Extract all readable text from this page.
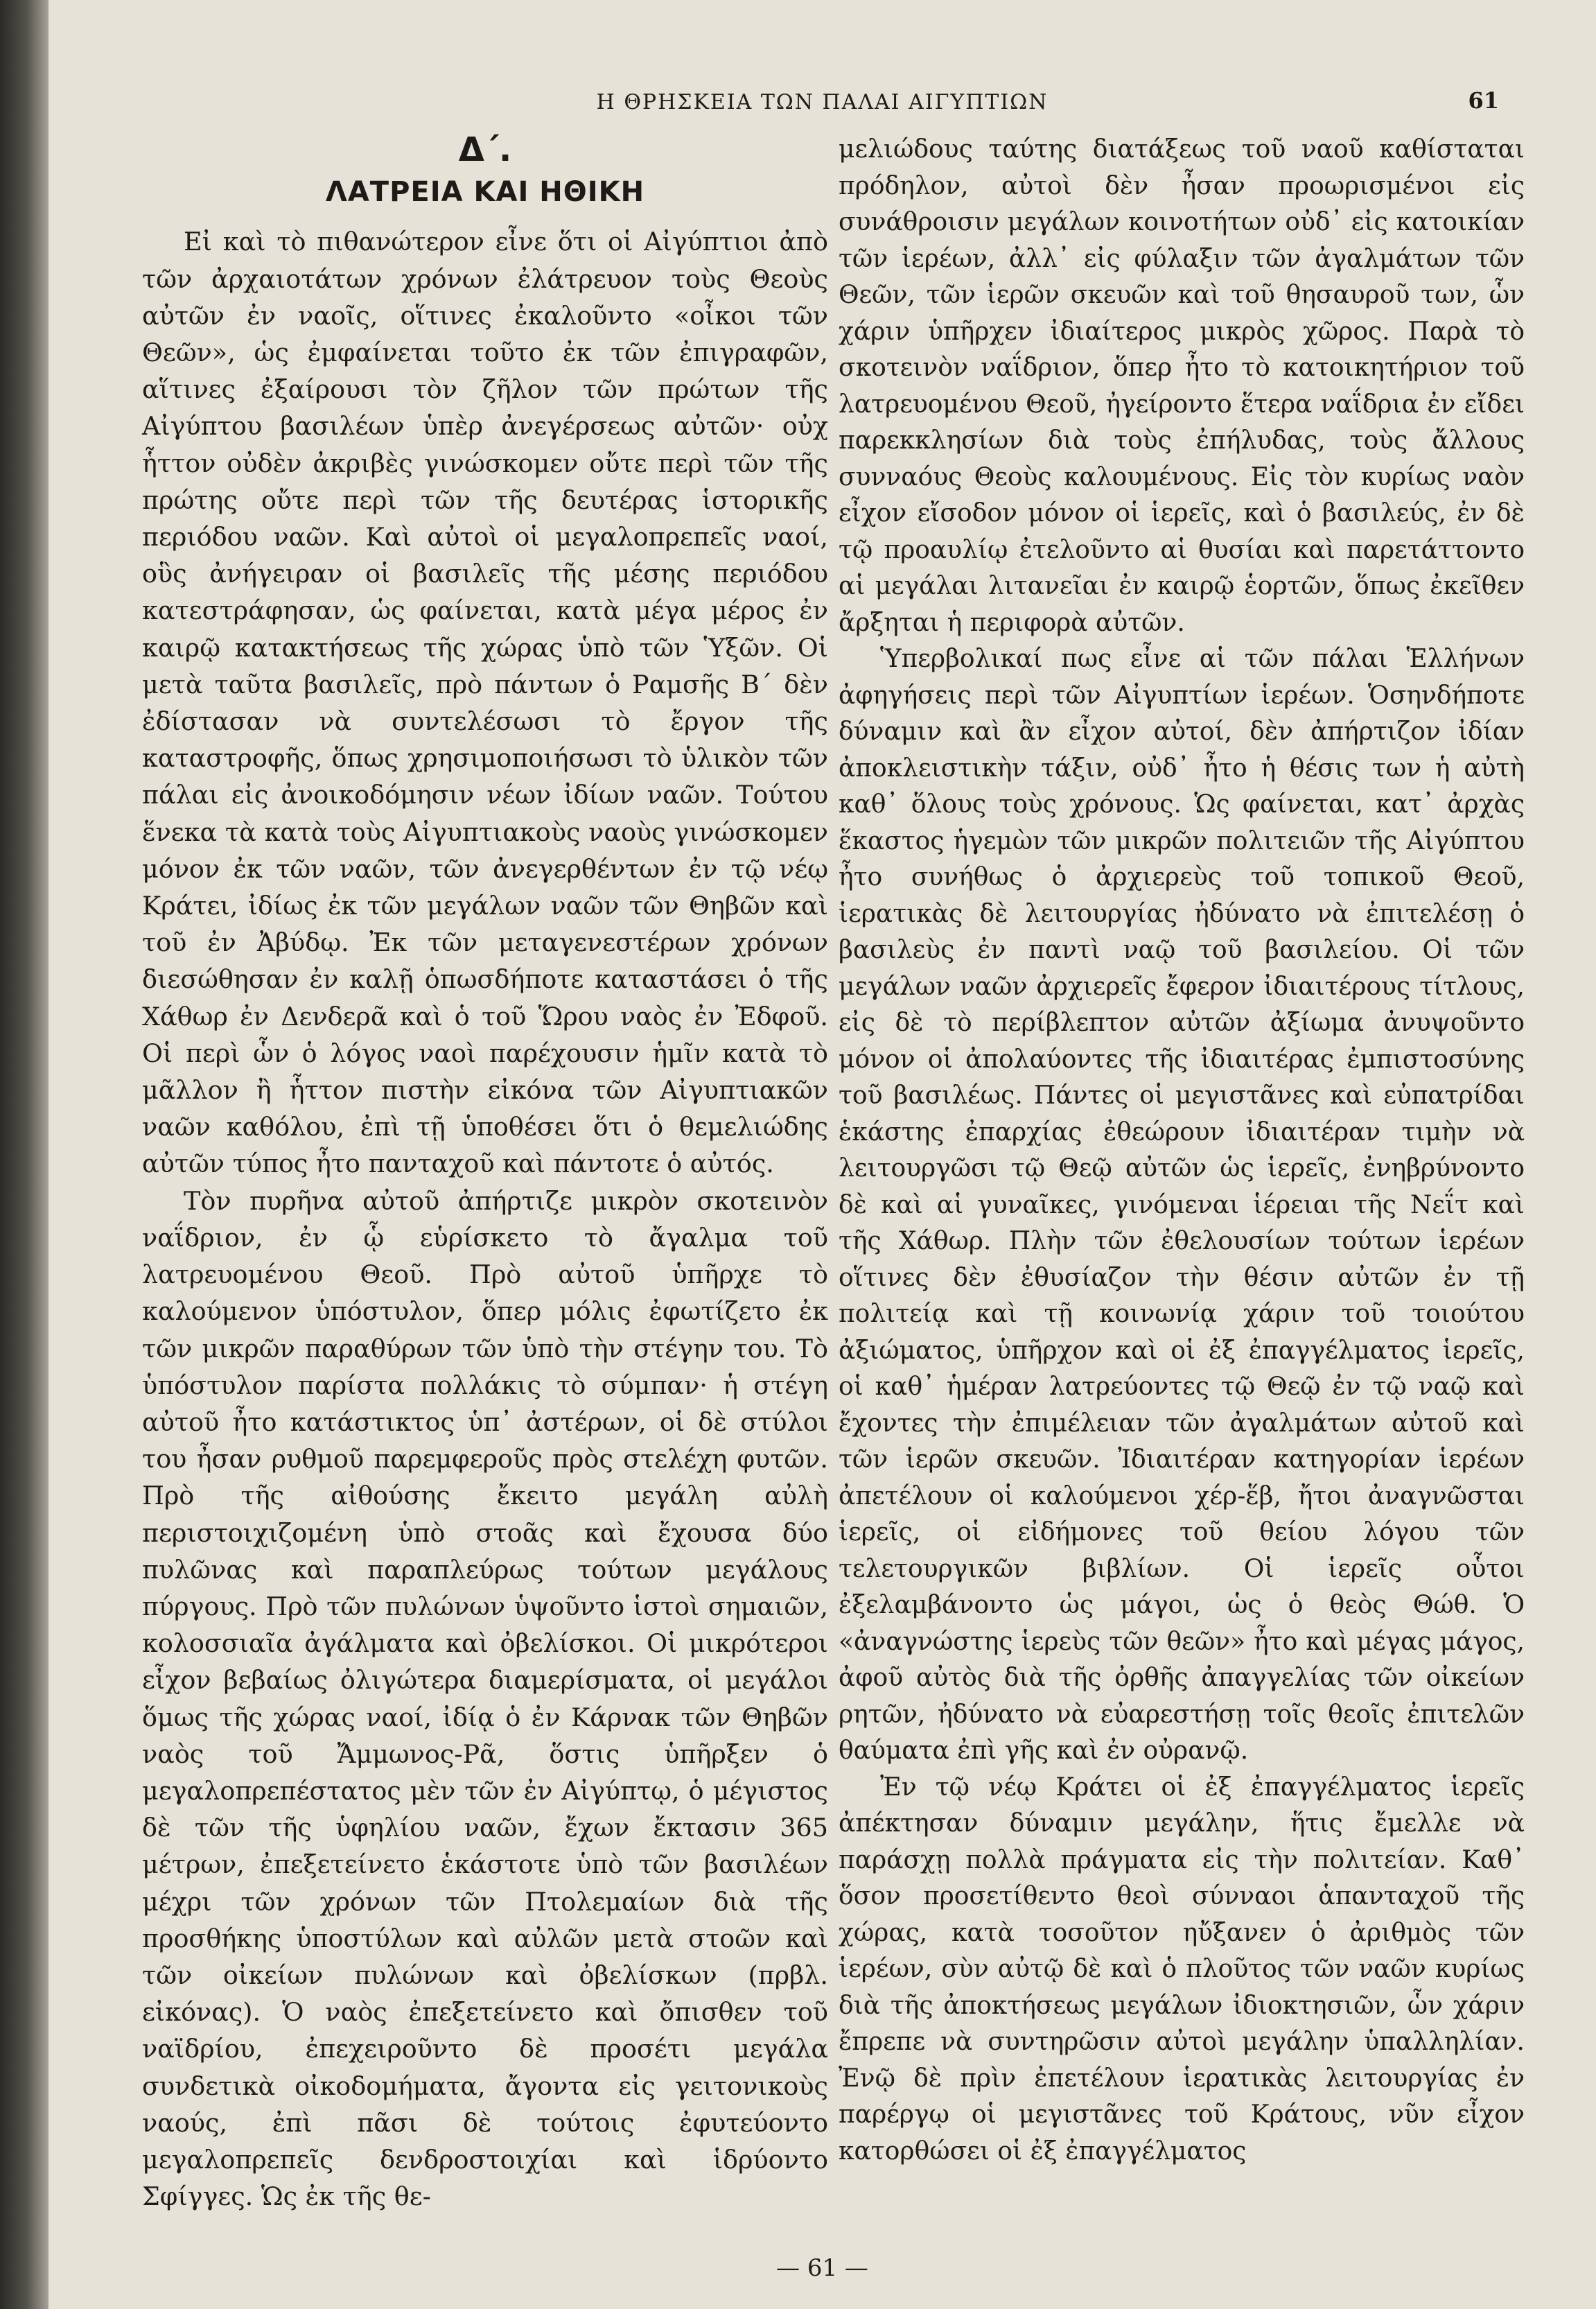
Η ΘΡΗΣΚΕΙΑ ΤΩΝ ΠΑΛΑΙ ΑΙΓΥΠΤΙΩΝ	61
Δ΄.
ΛΑΤΡΕΙΑ ΚΑΙ ΗΘΙΚΗ

Εἰ καὶ τὸ πιθανώτερον εἶνε ὅτι οἱ Αἰγύπτιοι ἀπὸ τῶν ἀρχαιοτάτων χρόνων ἐλάτρευον τοὺς Θεοὺς αὐτῶν ἐν ναοῖς, οἵτινες ἐκαλοῦντο «οἶκοι τῶν Θεῶν», ὡς ἐμφαίνεται τοῦτο ἐκ τῶν ἐπιγραφῶν, αἵτινες ἐξαίρουσι τὸν ζῆλον τῶν πρώτων τῆς Αἰγύπτου βασιλέων ὑπὲρ ἀνεγέρσεως αὐτῶν· οὐχ ἧττον οὐδὲν ἀκριβὲς γινώσκομεν οὔτε περὶ τῶν τῆς πρώτης οὔτε περὶ τῶν τῆς δευτέρας ἱστορικῆς περιόδου ναῶν. Καὶ αὐτοὶ οἱ μεγαλοπρεπεῖς ναοί, οὓς ἀνήγειραν οἱ βασιλεῖς τῆς μέσης περιόδου κατεστράφησαν, ὡς φαίνεται, κατὰ μέγα μέρος ἐν καιρῷ κατακτήσεως τῆς χώρας ὑπὸ τῶν Ὑξῶν. Οἱ μετὰ ταῦτα βασιλεῖς, πρὸ πάντων ὁ Ραμσῆς Β΄ δὲν ἐδίστασαν νὰ συντελέσωσι τὸ ἔργον τῆς καταστροφῆς, ὅπως χρησιμοποιήσωσι τὸ ὑλικὸν τῶν πάλαι εἰς ἀνοικοδόμησιν νέων ἰδίων ναῶν. Τούτου ἕνεκα τὰ κατὰ τοὺς Αἰγυπτιακοὺς ναοὺς γινώσκομεν μόνον ἐκ τῶν ναῶν, τῶν ἀνεγερθέντων ἐν τῷ νέῳ Κράτει, ἰδίως ἐκ τῶν μεγάλων ναῶν τῶν Θηβῶν καὶ τοῦ ἐν Ἀβύδῳ. Ἐκ τῶν μεταγενεστέρων χρόνων διεσώθησαν ἐν καλῇ ὁπωσδήποτε καταστάσει ὁ τῆς Χάθωρ ἐν Δενδερᾶ καὶ ὁ τοῦ Ὥρου ναὸς ἐν Ἐδφοῦ. Οἱ περὶ ὧν ὁ λόγος ναοὶ παρέχουσιν ἡμῖν κατὰ τὸ μᾶλλον ἢ ἧττον πιστὴν εἰκόνα τῶν Αἰγυπτιακῶν ναῶν καθόλου, ἐπὶ τῇ ὑποθέσει ὅτι ὁ θεμελιώδης αὐτῶν τύπος ἦτο πανταχοῦ καὶ πάντοτε ὁ αὐτός.

Τὸν πυρῆνα αὐτοῦ ἀπήρτιζε μικρὸν σκοτεινὸν ναΐδριον, ἐν ᾧ εὑρίσκετο τὸ ἄγαλμα τοῦ λατρευομένου Θεοῦ. Πρὸ αὐτοῦ ὑπῆρχε τὸ καλούμενον ὑπόστυλον, ὅπερ μόλις ἐφωτίζετο ἐκ τῶν μικρῶν παραθύρων τῶν ὑπὸ τὴν στέγην του. Τὸ ὑπόστυλον παρίστα πολλάκις τὸ σύμπαν· ἡ στέγη αὐτοῦ ἦτο κατάστικτος ὑπ᾿ ἀστέρων, οἱ δὲ στύλοι του ἦσαν ρυθμοῦ παρεμφεροῦς πρὸς στελέχη φυτῶν. Πρὸ τῆς αἰθούσης ἔκειτο μεγάλη αὐλὴ περιστοιχιζομένη ὑπὸ στοᾶς καὶ ἔχουσα δύο πυλῶνας καὶ παραπλεύρως τούτων μεγάλους πύργους. Πρὸ τῶν πυλώνων ὑψοῦντο ἱστοὶ σημαιῶν, κολοσσιαῖα ἀγάλματα καὶ ὀβελίσκοι. Οἱ μικρότεροι εἶχον βεβαίως ὀλιγώτερα διαμερίσματα, οἱ μεγάλοι ὅμως τῆς χώρας ναοί, ἰδίᾳ ὁ ἐν Κάρνακ τῶν Θηβῶν ναὸς τοῦ Ἄμμωνος-Ρᾶ, ὅστις ὑπῆρξεν ὁ μεγαλοπρεπέστατος μὲν τῶν ἐν Αἰγύπτῳ, ὁ μέγιστος δὲ τῶν τῆς ὑφηλίου ναῶν, ἔχων ἔκτασιν 365 μέτρων, ἐπεξετείνετο ἑκάστοτε ὑπὸ τῶν βασιλέων μέχρι τῶν χρόνων τῶν Πτολεμαίων διὰ τῆς προσθήκης ὑποστύλων καὶ αὐλῶν μετὰ στοῶν καὶ τῶν οἰκείων πυλώνων καὶ ὀβελίσκων (πρβλ. εἰκόνας). Ὁ ναὸς ἐπεξετείνετο καὶ ὄπισθεν τοῦ ναϊδρίου, ἐπεχειροῦντο δὲ προσέτι μεγάλα συνδετικὰ οἰκοδομήματα, ἄγοντα εἰς γειτονικοὺς ναούς, ἐπὶ πᾶσι δὲ τούτοις ἐφυτεύοντο μεγαλοπρεπεῖς δενδροστοιχίαι καὶ ἱδρύοντο Σφίγγες. Ὡς ἐκ τῆς θε-

μελιώδους ταύτης διατάξεως τοῦ ναοῦ καθίσταται πρόδηλον, αὐτοὶ δὲν ἦσαν προωρισμένοι εἰς συνάθροισιν μεγάλων κοινοτήτων οὐδ᾿ εἰς κατοικίαν τῶν ἱερέων, ἀλλ᾿ εἰς φύλαξιν τῶν ἀγαλμάτων τῶν Θεῶν, τῶν ἱερῶν σκευῶν καὶ τοῦ θησαυροῦ των, ὧν χάριν ὑπῆρχεν ἰδιαίτερος μικρὸς χῶρος. Παρὰ τὸ σκοτεινὸν ναΐδριον, ὅπερ ἦτο τὸ κατοικητήριον τοῦ λατρευομένου Θεοῦ, ἠγείροντο ἕτερα ναΐδρια ἐν εἴδει παρεκκλησίων διὰ τοὺς ἐπήλυδας, τοὺς ἄλλους συνναόυς Θεοὺς καλουμένους. Εἰς τὸν κυρίως ναὸν εἶχον εἴσοδον μόνον οἱ ἱερεῖς, καὶ ὁ βασιλεύς, ἐν δὲ τῷ προαυλίῳ ἐτελοῦντο αἱ θυσίαι καὶ παρετάττοντο αἱ μεγάλαι λιτανεῖαι ἐν καιρῷ ἑορτῶν, ὅπως ἐκεῖθεν ἄρξηται ἡ περιφορὰ αὐτῶν.

Ὑπερβολικαί πως εἶνε αἱ τῶν πάλαι Ἑλλήνων ἀφηγήσεις περὶ τῶν Αἰγυπτίων ἱερέων. Ὁσηνδήποτε δύναμιν καὶ ἂν εἶχον αὐτοί, δὲν ἀπήρτιζον ἰδίαν ἀποκλειστικὴν τάξιν, οὐδ᾿ ἦτο ἡ θέσις των ἡ αὐτὴ καθ᾿ ὅλους τοὺς χρόνους. Ὡς φαίνεται, κατ᾿ ἀρχὰς ἕκαστος ἡγεμὼν τῶν μικρῶν πολιτειῶν τῆς Αἰγύπτου ἦτο συνήθως ὁ ἀρχιερεὺς τοῦ τοπικοῦ Θεοῦ, ἱερατικὰς δὲ λειτουργίας ἠδύνατο νὰ ἐπιτελέσῃ ὁ βασιλεὺς ἐν παντὶ ναῷ τοῦ βασιλείου. Οἱ τῶν μεγάλων ναῶν ἀρχιερεῖς ἔφερον ἰδιαιτέρους τίτλους, εἰς δὲ τὸ περίβλεπτον αὐτῶν ἀξίωμα ἀνυψοῦντο μόνον οἱ ἀπολαύοντες τῆς ἰδιαιτέρας ἐμπιστοσύνης τοῦ βασιλέως. Πάντες οἱ μεγιστᾶνες καὶ εὐπατρίδαι ἑκάστης ἐπαρχίας ἐθεώρουν ἰδιαιτέραν τιμὴν νὰ λειτουργῶσι τῷ Θεῷ αὐτῶν ὡς ἱερεῖς, ἐνηβρύνοντο δὲ καὶ αἱ γυναῖκες, γινόμεναι ἱέρειαι τῆς Νεΐτ καὶ τῆς Χάθωρ. Πλὴν τῶν ἐθελουσίων τούτων ἱερέων οἵτινες δὲν ἐθυσίαζον τὴν θέσιν αὐτῶν ἐν τῇ πολιτείᾳ καὶ τῇ κοινωνίᾳ χάριν τοῦ τοιούτου ἀξιώματος, ὑπῆρχον καὶ οἱ ἐξ ἐπαγγέλματος ἱερεῖς, οἱ καθ᾿ ἡμέραν λατρεύοντες τῷ Θεῷ ἐν τῷ ναῷ καὶ ἔχοντες τὴν ἐπιμέλειαν τῶν ἀγαλμάτων αὐτοῦ καὶ τῶν ἱερῶν σκευῶν. Ἰδιαιτέραν κατηγορίαν ἱερέων ἀπετέλουν οἱ καλούμενοι χέρ-ἕβ, ἤτοι ἀναγνῶσται ἱερεῖς, οἱ εἰδήμονες τοῦ θείου λόγου τῶν τελετουργικῶν βιβλίων. Οἱ ἱερεῖς οὗτοι ἐξελαμβάνοντο ὡς μάγοι, ὡς ὁ θεὸς Θώθ. Ὁ «ἀναγνώστης ἱερεὺς τῶν θεῶν» ἦτο καὶ μέγας μάγος, ἀφοῦ αὐτὸς διὰ τῆς ὀρθῆς ἀπαγγελίας τῶν οἰκείων ρητῶν, ἠδύνατο νὰ εὐαρεστήσῃ τοῖς θεοῖς ἐπιτελῶν θαύματα ἐπὶ γῆς καὶ ἐν οὐρανῷ.

Ἐν τῷ νέῳ Κράτει οἱ ἐξ ἐπαγγέλματος ἱερεῖς ἀπέκτησαν δύναμιν μεγάλην, ἥτις ἔμελλε νὰ παράσχῃ πολλὰ πράγματα εἰς τὴν πολιτείαν. Καθ᾿ ὅσον προσετίθεντο θεοὶ σύνναοι ἁπανταχοῦ τῆς χώρας, κατὰ τοσοῦτον ηὔξανεν ὁ ἀριθμὸς τῶν ἱερέων, σὺν αὐτῷ δὲ καὶ ὁ πλοῦτος τῶν ναῶν κυρίως διὰ τῆς ἀποκτήσεως μεγάλων ἰδιοκτησιῶν, ὧν χάριν ἔπρεπε νὰ συντηρῶσιν αὐτοὶ μεγάλην ὑπαλληλίαν. Ἐνῷ δὲ πρὶν ἐπετέλουν ἱερατικὰς λειτουργίας ἐν παρέργῳ οἱ μεγιστᾶνες τοῦ Κράτους, νῦν εἶχον κατορθώσει οἱ ἐξ ἐπαγγέλματος

— 61 —
